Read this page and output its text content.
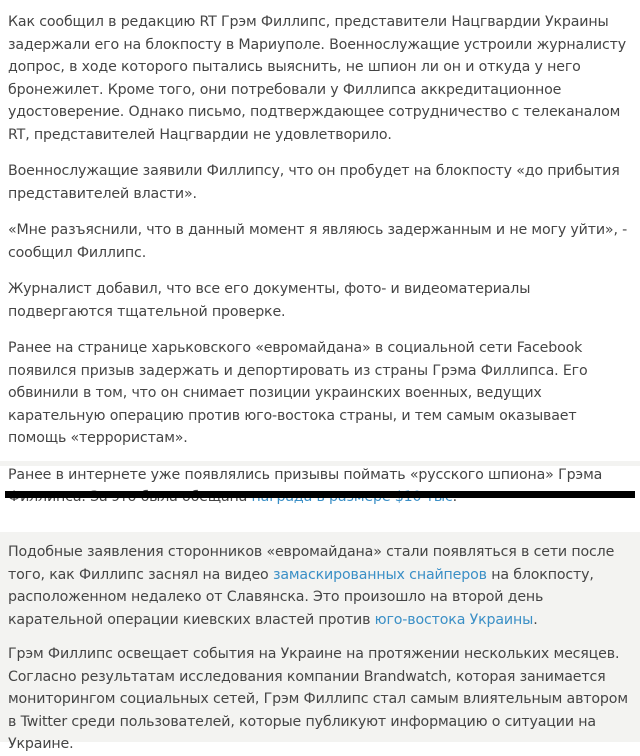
Как сообщил в редакцию RT Грэм Филлипс, представители Нацгвардии Украины задержали его на блокпосту в Мариуполе. Военнослужащие устроили журналисту допрос, в ходе которого пытались выяснить, не шпион ли он и откуда у него бронежилет. Кроме того, они потребовали у Филлипса аккредитационное удостоверение. Однако письмо, подтверждающее сотрудничество с телеканалом RT, представителей Нацгвардии не удовлетворило.

Военнослужащие заявили Филлипсу, что он пробудет на блокпосту «до прибытия представителей власти».

«Мне разъяснили, что в данный момент я являюсь задержанным и не могу уйти», - сообщил Филлипс.

Журналист добавил, что все его документы, фото- и видеоматериалы подвергаются тщательной проверке.

Ранее на странице харьковского «евромайдана» в социальной сети Facebook появился призыв задержать и депортировать из страны Грэма Филлипса. Его обвинили в том, что он снимает позиции украинских военных, ведущих карательную операцию против юго-востока страны, и тем самым оказывает помощь «террористам».

Ранее в интернете уже появлялись призывы поймать «русского шпиона» Грэма

Подобные заявления сторонников «евромайдана» стали появляться в сети после того, как Филлипс заснял на видео замаскированных снайперов на блокпосту, расположенном недалеко от Славянска. Это произошло на второй день карательной операции киевских властей против юго-востока Украины.

Грэм Филлипс освещает события на Украине на протяжении нескольких месяцев. Согласно результатам исследования компании Brandwatch, которая занимается мониторингом социальных сетей, Грэм Филлипс стал самым влиятельным автором в Twitter среди пользователей, которые публикуют информацию о ситуации на Украине.
